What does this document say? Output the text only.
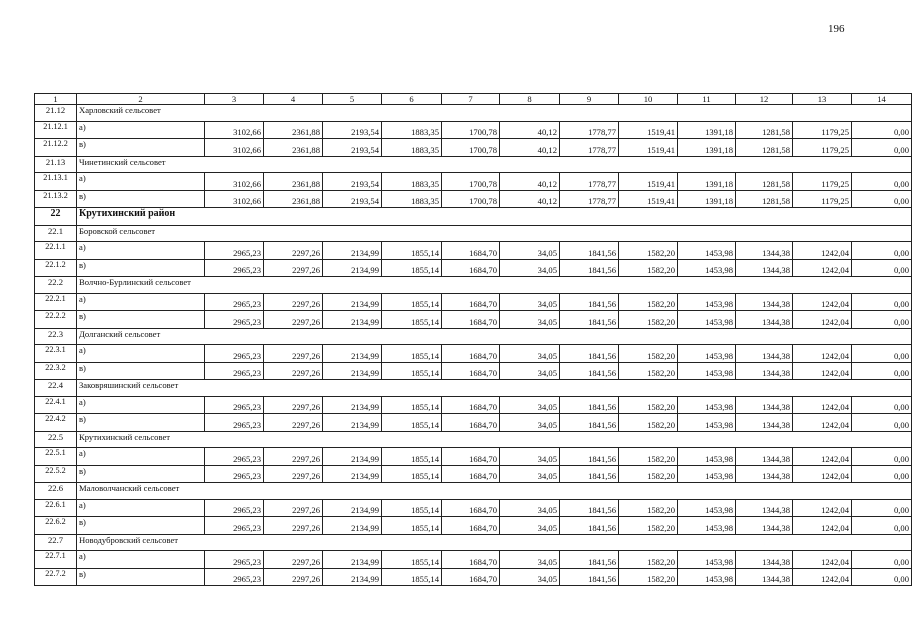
196
1	2	3	4	5	6	7	8	9	10	11	12	13	14
21.12	Харловский сельсовет												
21.12.1	а)	3102,66	2361,88	2193,54	1883,35	1700,78	40,12	1778,77	1519,41	1391,18	1281,58	1179,25	0,00
21.12.2	в)	3102,66	2361,88	2193,54	1883,35	1700,78	40,12	1778,77	1519,41	1391,18	1281,58	1179,25	0,00
21.13	Чинетинский сельсовет												
21.13.1	а)	3102,66	2361,88	2193,54	1883,35	1700,78	40,12	1778,77	1519,41	1391,18	1281,58	1179,25	0,00
21.13.2	в)	3102,66	2361,88	2193,54	1883,35	1700,78	40,12	1778,77	1519,41	1391,18	1281,58	1179,25	0,00
22	Крутихинский район												
22.1	Боровской сельсовет												
22.1.1	а)	2965,23	2297,26	2134,99	1855,14	1684,70	34,05	1841,56	1582,20	1453,98	1344,38	1242,04	0,00
22.1.2	в)	2965,23	2297,26	2134,99	1855,14	1684,70	34,05	1841,56	1582,20	1453,98	1344,38	1242,04	0,00
22.2	Волчно-Бурлинский сельсовет												
22.2.1	а)	2965,23	2297,26	2134,99	1855,14	1684,70	34,05	1841,56	1582,20	1453,98	1344,38	1242,04	0,00
22.2.2	в)	2965,23	2297,26	2134,99	1855,14	1684,70	34,05	1841,56	1582,20	1453,98	1344,38	1242,04	0,00
22.3	Долганский сельсовет												
22.3.1	а)	2965,23	2297,26	2134,99	1855,14	1684,70	34,05	1841,56	1582,20	1453,98	1344,38	1242,04	0,00
22.3.2	в)	2965,23	2297,26	2134,99	1855,14	1684,70	34,05	1841,56	1582,20	1453,98	1344,38	1242,04	0,00
22.4	Заковряшинский сельсовет												
22.4.1	а)	2965,23	2297,26	2134,99	1855,14	1684,70	34,05	1841,56	1582,20	1453,98	1344,38	1242,04	0,00
22.4.2	в)	2965,23	2297,26	2134,99	1855,14	1684,70	34,05	1841,56	1582,20	1453,98	1344,38	1242,04	0,00
22.5	Крутихинский сельсовет												
22.5.1	а)	2965,23	2297,26	2134,99	1855,14	1684,70	34,05	1841,56	1582,20	1453,98	1344,38	1242,04	0,00
22.5.2	в)	2965,23	2297,26	2134,99	1855,14	1684,70	34,05	1841,56	1582,20	1453,98	1344,38	1242,04	0,00
22.6	Маловолчанский сельсовет												
22.6.1	а)	2965,23	2297,26	2134,99	1855,14	1684,70	34,05	1841,56	1582,20	1453,98	1344,38	1242,04	0,00
22.6.2	в)	2965,23	2297,26	2134,99	1855,14	1684,70	34,05	1841,56	1582,20	1453,98	1344,38	1242,04	0,00
22.7	Новодубровский сельсовет												
22.7.1	а)	2965,23	2297,26	2134,99	1855,14	1684,70	34,05	1841,56	1582,20	1453,98	1344,38	1242,04	0,00
22.7.2	в)	2965,23	2297,26	2134,99	1855,14	1684,70	34,05	1841,56	1582,20	1453,98	1344,38	1242,04	0,00
